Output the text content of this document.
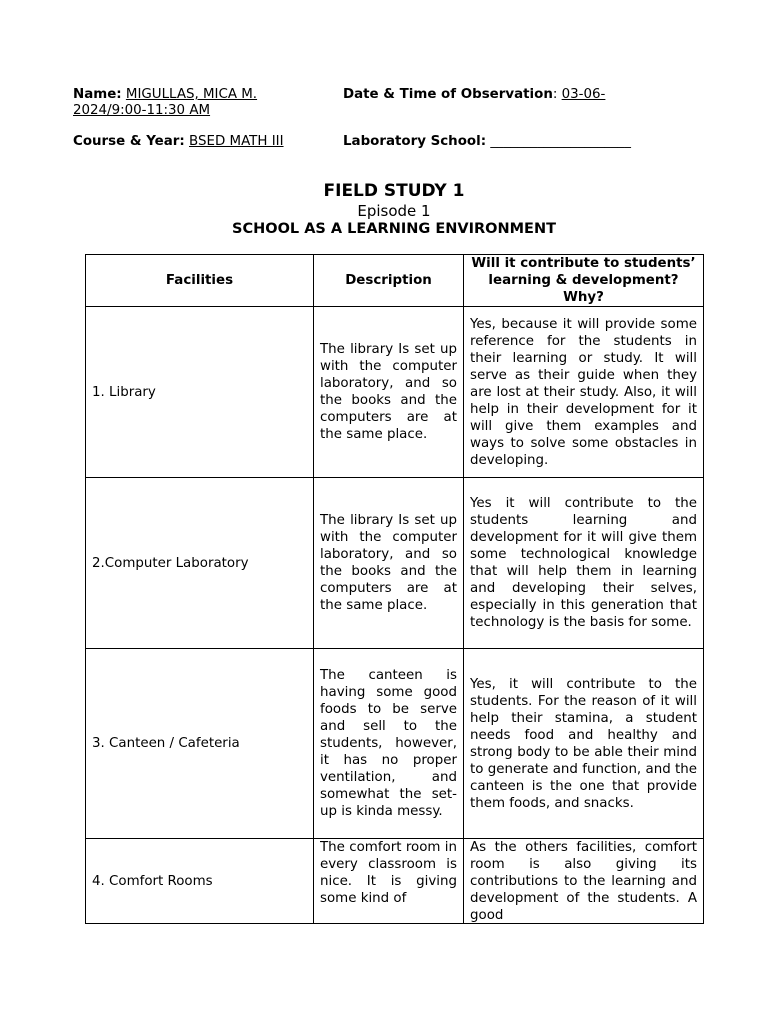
Name: MIGULLAS, MICA M.	Date & Time of Observation: 03-06-
2024/9:00-11:30 AM
Course & Year: BSED MATH III	Laboratory School: _____________________
FIELD STUDY 1
Episode 1
SCHOOL AS A LEARNING ENVIRONMENT
Facilities	Description	Will it contribute to students’ learning & development? Why?
1. Library	The library Is set up with the computer laboratory, and so the books and the computers are at the same place.	Yes, because it will provide some reference for the students in their learning or study. It will serve as their guide when they are lost at their study. Also, it will help in their development for it will give them examples and ways to solve some obstacles in developing.
2.Computer Laboratory	The library Is set up with the computer laboratory, and so the books and the computers are at the same place.	Yes it will contribute to the students learning and development for it will give them some technological knowledge that will help them in learning and developing their selves, especially in this generation that technology is the basis for some.
3. Canteen / Cafeteria	The canteen is having some good foods to be serve and sell to the students, however, it has no proper ventilation, and somewhat the set-up is kinda messy.	Yes, it will contribute to the students. For the reason of it will help their stamina, a student needs food and healthy and strong body to be able their mind to generate and function, and the canteen is the one that provide them foods, and snacks.
4. Comfort Rooms	The comfort room in every classroom is nice. It is giving some kind of	As the others facilities, comfort room is also giving its contributions to the learning and development of the students. A good
